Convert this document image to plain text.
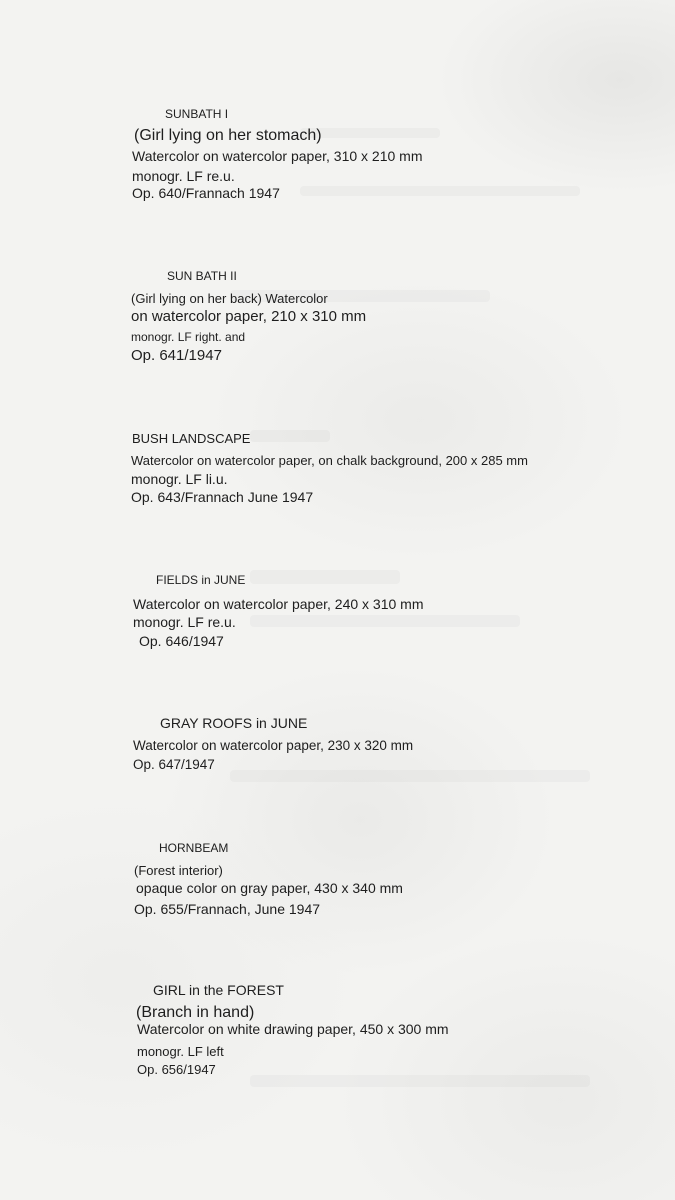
SUNBATH I
(Girl lying on her stomach)
Watercolor on watercolor paper, 310 x 210 mm
monogr. LF re.u.
Op. 640/Frannach 1947
SUN BATH II
(Girl lying on her back) Watercolor
on watercolor paper, 210 x 310 mm
monogr. LF right. and
Op. 641/1947
BUSH LANDSCAPE
Watercolor on watercolor paper, on chalk background, 200 x 285 mm
monogr. LF li.u.
Op. 643/Frannach June 1947
FIELDS in JUNE
Watercolor on watercolor paper, 240 x 310 mm
monogr. LF re.u.
Op. 646/1947
GRAY ROOFS in JUNE
Watercolor on watercolor paper, 230 x 320 mm
Op. 647/1947
HORNBEAM
(Forest interior)
opaque color on gray paper, 430 x 340 mm
Op. 655/Frannach, June 1947
GIRL in the FOREST
(Branch in hand)
Watercolor on white drawing paper, 450 x 300 mm
monogr. LF left
Op. 656/1947
